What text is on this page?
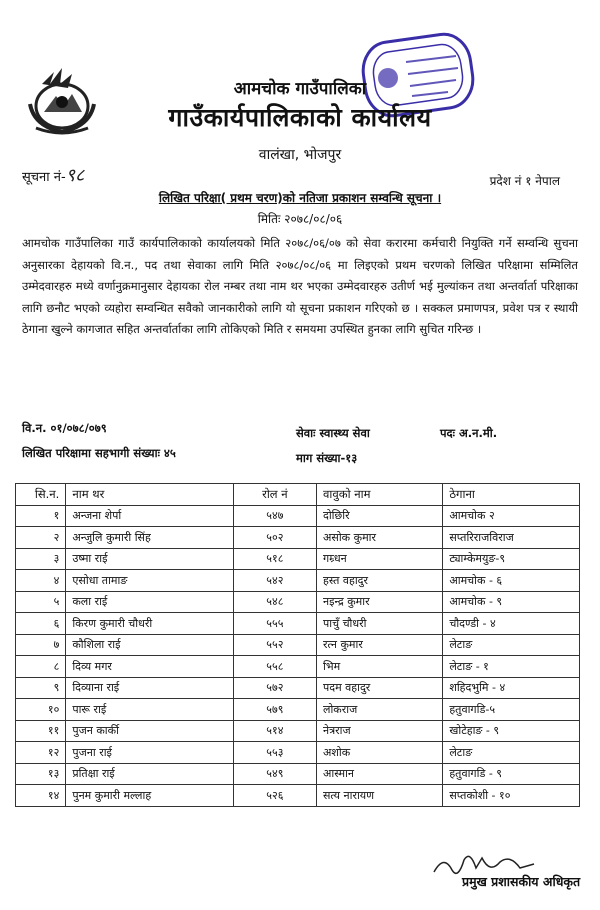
आमचोक गाउँपालिका
गाउँकार्यपालिकाको कार्यालय
वालंखा, भोजपुर
सूचना नं-९८	प्रदेश नं १ नेपाल
लिखित परिक्षा( प्रथम चरण)को नतिजा प्रकाशन सम्वन्धि सूचना ।
मितिः २०७८/०८/०६

आमचोक गाउँपालिका गाउँ कार्यपालिकाको कार्यालयको मिति २०७८/०६/०७ को सेवा करारमा कर्मचारी नियुक्ति गर्ने सम्वन्धि सुचना अनुसारका देहायको वि.न., पद तथा सेवाका लागि मिति २०७८/०८/०६ मा लिइएको प्रथम चरणको लिखित परिक्षामा सम्मिलित उम्मेदवारहरु मध्ये वर्णानुक्रमानुसार देहायका रोल नम्बर तथा नाम थर भएका उम्मेदवारहरु उतीर्ण भई मुल्यांकन तथा अन्तर्वार्ता परिक्षाका लागि छनौट भएको व्यहोरा सम्वन्धित सवैको जानकारीको लागि यो सूचना प्रकाशन गरिएको छ । सक्कल प्रमाणपत्र, प्रवेश पत्र र स्थायी ठेगाना खुल्ने कागजात सहित अन्तर्वार्ताका लागि तोकिएको मिति र समयमा उपस्थित हुनका लागि सुचित गरिन्छ ।

वि.न. ०१/०७८/०७९	सेवाः स्वास्थ्य सेवा	पदः अ.न.मी.
लिखित परिक्षामा सहभागी संख्याः ४५	माग संख्या-१३
सि.न.	नाम थर	रोल नं	वावुको नाम	ठेगाना
१	अन्जना शेर्पा	५४७	दोछिरि	आमचोक २
२	अन्जुलि कुमारी सिंह	५०२	असोक कुमार	सप्तरिराजविराज
३	उष्मा राई	५१८	गम्र्धन	ट्याम्केमयुङ-९
४	एसोधा तामाङ	५४२	हस्त वहादुर	आमचोक - ६
५	कला राई	५४८	नइन्द्र कुमार	आमचोक - ९
६	किरण कुमारी चौधरी	५५५	पाचुँ चौधरी	चौदण्डी - ४
७	कौशिला राई	५५२	रत्न कुमार	लेटाङ
८	दिव्य मगर	५५८	भिम	लेटाङ - १
९	दिव्याना राई	५७२	पदम वहादुर	शहिदभुमि - ४
१०	पारू राई	५७९	लोकराज	हतुवागडि-५
११	पुजन कार्की	५१४	नेत्रराज	खोटेहाङ - ९
१२	पुजना राई	५५३	अशोक	लेटाङ
१३	प्रतिक्षा राई	५४९	आस्मान	हतुवागडि - ९
१४	पुनम कुमारी मल्लाह	५२६	सत्य नारायण	सप्तकोशी - १०
प्रमुख प्रशासकीय अधिकृत
